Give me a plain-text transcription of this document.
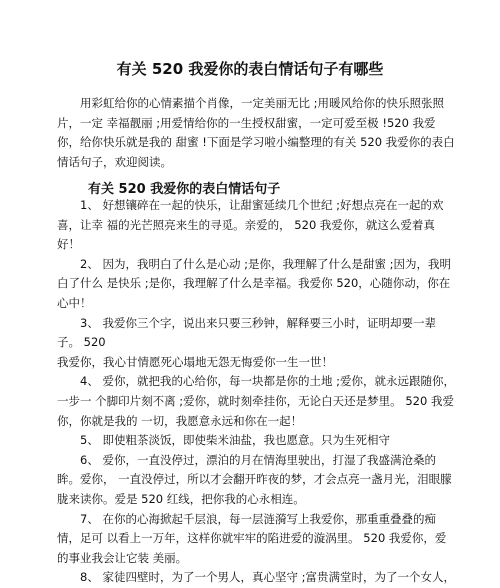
有关 520 我爱你的表白情话句子有哪些

　　用彩虹给你的心情素描个肖像，一定美丽无比 ;用暖风给你的快乐照张照片，一定 幸福靓丽 ;用爱情给你的一生授权甜蜜，一定可爱至极 !520 我爱你，给你快乐就是我的 甜蜜 !下面是学习啦小编整理的有关 520 我爱你的表白情话句子，欢迎阅读。

有关 520 我爱你的表白情话句子

　　1、 好想镶碎在一起的快乐，让甜蜜延续几个世纪 ;好想点亮在一起的欢喜，让幸 福的光芒照亮来生的寻觅。亲爱的， 520 我爱你，就这么爱着真好！

　　2、 因为，我明白了什么是心动 ;是你，我理解了什么是甜蜜 ;因为，我明白了什么 是快乐 ;是你，我理解了什么是幸福。我爱你 520，心随你动，你在心中！

　　3、 我爱你三个字，说出来只要三秒钟，解释要三小时，证明却要一辈子。 520

我爱你，我心甘情愿死心塌地无怨无悔爱你一生一世！

　　4、 爱你，就把我的心给你，每一块都是你的土地 ;爱你，就永远跟随你，一步一 个脚印片刻不离 ;爱你，就时刻牵挂你，无论白天还是梦里。 520 我爱你，你就是我的 一切，我愿意永远和你在一起！

　　5、 即使粗茶淡饭，即使柴米油盐，我也愿意。只为生死相守

　　6、 爱你，一直没停过，漂泊的月在情海里驶出，打湿了我盛满沧桑的眸。爱你， 一直没停过，所以才会翻开昨夜的梦，才会点亮一盏月光，泪眼朦胧来读你。爱是 520 红线，把你我的心永相连。

　　7、 在你的心海掀起千层浪，每一层涟漪写上我爱你，那重重叠叠的痴情，足可 以看上一万年，这样你就牢牢的陷进爱的漩涡里。 520 我爱你，爱的事业我会让它装 美丽。

　　8、 家徒四壁时，为了一个男人，真心坚守 ;富贵满堂时，为了一个女人，
